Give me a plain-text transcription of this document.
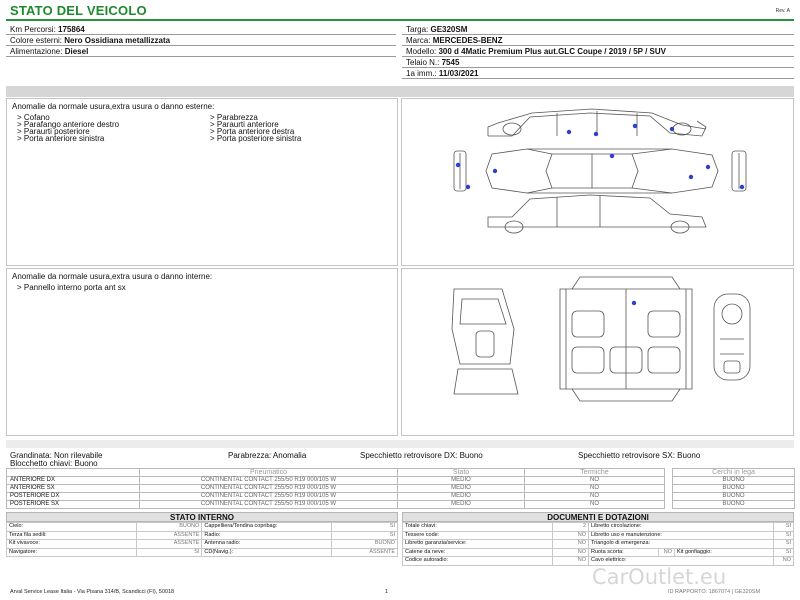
STATO DEL VEICOLO	Rev. A
Km Percorsi: 175864
Colore esterni: Nero Ossidiana metallizzata
Alimentazione: Diesel
Targa: GE320SM
Marca: MERCEDES-BENZ
Modello: 300 d 4Matic Premium Plus aut.GLC Coupe / 2019 / 5P / SUV
Telaio N.: 7545
1a imm.: 11/03/2021
Anomalie da normale usura,extra usura o danno esterne:
> Cofano
> Parafango anteriore destro
> Paraurti posteriore
> Porta anteriore sinistra
> Parabrezza
> Paraurti anteriore
> Porta anteriore destra
> Porta posteriore sinistra
Anomalie da normale usura,extra usura o danno interne:
> Pannello interno porta ant sx
Grandinata: Non rilevabile	Parabrezza: Anomalia	Specchietto retrovisore DX: Buono	Specchietto retrovisore SX: Buono
Blocchetto chiavi: Buono
	Pneumatico	Stato	Termiche		Cerchi in lega
ANTERIORE DX	CONTINENTAL CONTACT 255/50 R19 000/105 W	MEDIO	NO		BUONO
ANTERIORE SX	CONTINENTAL CONTACT 255/50 R19 000/105 W	MEDIO	NO		BUONO
POSTERIORE DX	CONTINENTAL CONTACT 255/50 R19 000/105 W	MEDIO	NO		BUONO
POSTERIORE SX	CONTINENTAL CONTACT 255/50 R19 000/105 W	MEDIO	NO		BUONO
STATO INTERNO
Cielo:	BUONO	Cappelliera/Tendina copribag:	SI
Terza fila sedili:	ASSENTE	Radio:	SI
Kit vivavoce:	ASSENTE	Antenna radio:	BUONO
Navigatore:	SI	CD(Navig.):	ASSENTE
DOCUMENTI E DOTAZIONI
Totale chiavi:	2	Libretto circolazione:			SI
Tessere code:	NO	Libretto uso e manutenzione:			SI
Libretto garanzia/service:	NO	Triangolo di emergenza:			SI
Catene da neve:	NO	Ruota scorta:	NO	Kit gonfiaggio:	SI
Codice autoradio:	NO	Cavo elettrico:			NO
Arval Service Lease Italia - Via Pisana 314/B, Scandicci (FI), 50018	1	ID RAPPORTO: 1867074 | GE320SM
CarOutlet.eu
